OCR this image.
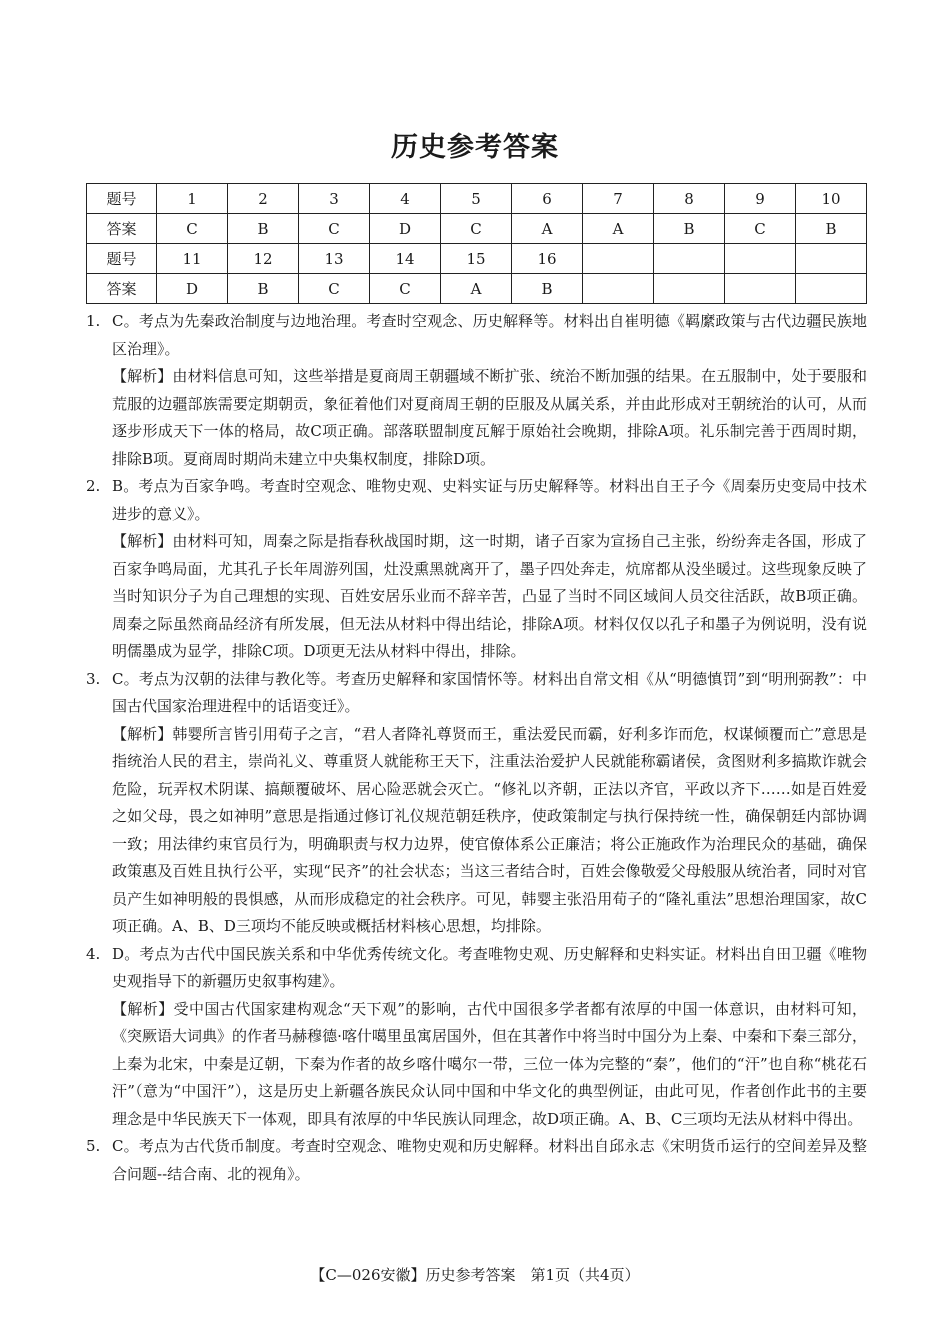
历史参考答案
题号	1	2	3	4	5	6	7	8	9	10
答案	C	B	C	D	C	A	A	B	C	B
题号	11	12	13	14	15	16				
答案	D	B	C	C	A	B				
1. C。考点为先秦政治制度与边地治理。考查时空观念、历史解释等。材料出自崔明德《羁縻政策与古代边疆民族地区治理》。

【解析】由材料信息可知，这些举措是夏商周王朝疆域不断扩张、统治不断加强的结果。在五服制中，处于要服和荒服的边疆部族需要定期朝贡，象征着他们对夏商周王朝的臣服及从属关系，并由此形成对王朝统治的认可，从而逐步形成天下一体的格局，故C项正确。部落联盟制度瓦解于原始社会晚期，排除A项。礼乐制完善于西周时期，排除B项。夏商周时期尚未建立中央集权制度，排除D项。

2. B。考点为百家争鸣。考查时空观念、唯物史观、史料实证与历史解释等。材料出自王子今《周秦历史变局中技术进步的意义》。

【解析】由材料可知，周秦之际是指春秋战国时期，这一时期，诸子百家为宣扬自己主张，纷纷奔走各国，形成了百家争鸣局面，尤其孔子长年周游列国，灶没熏黑就离开了，墨子四处奔走，炕席都从没坐暖过。这些现象反映了当时知识分子为自己理想的实现、百姓安居乐业而不辞辛苦，凸显了当时不同区域间人员交往活跃，故B项正确。周秦之际虽然商品经济有所发展，但无法从材料中得出结论，排除A项。材料仅仅以孔子和墨子为例说明，没有说明儒墨成为显学，排除C项。D项更无法从材料中得出，排除。

3. C。考点为汉朝的法律与教化等。考查历史解释和家国情怀等。材料出自常文相《从“明德慎罚”到“明刑弼教”：中国古代国家治理进程中的话语变迁》。

【解析】韩婴所言皆引用荀子之言，“君人者降礼尊贤而王，重法爱民而霸，好利多诈而危，权谋倾覆而亡”意思是指统治人民的君主，崇尚礼义、尊重贤人就能称王天下，注重法治爱护人民就能称霸诸侯，贪图财利多搞欺诈就会危险，玩弄权术阴谋、搞颠覆破坏、居心险恶就会灭亡。“修礼以齐朝，正法以齐官，平政以齐下……如是百姓爱之如父母，畏之如神明”意思是指通过修订礼仪规范朝廷秩序，使政策制定与执行保持统一性，确保朝廷内部协调一致；用法律约束官员行为，明确职责与权力边界，使官僚体系公正廉洁；将公正施政作为治理民众的基础，确保政策惠及百姓且执行公平，实现“民齐”的社会状态；当这三者结合时，百姓会像敬爱父母般服从统治者，同时对官员产生如神明般的畏惧感，从而形成稳定的社会秩序。可见，韩婴主张沿用荀子的“隆礼重法”思想治理国家，故C项正确。A、B、D三项均不能反映或概括材料核心思想，均排除。

4. D。考点为古代中国民族关系和中华优秀传统文化。考查唯物史观、历史解释和史料实证。材料出自田卫疆《唯物史观指导下的新疆历史叙事构建》。

【解析】受中国古代国家建构观念“天下观”的影响，古代中国很多学者都有浓厚的中国一体意识，由材料可知，《突厥语大词典》的作者马赫穆德·喀什噶里虽寓居国外，但在其著作中将当时中国分为上秦、中秦和下秦三部分，上秦为北宋，中秦是辽朝，下秦为作者的故乡喀什噶尔一带，三位一体为完整的“秦”，他们的“汗”也自称“桃花石汗”（意为“中国汗”），这是历史上新疆各族民众认同中国和中华文化的典型例证，由此可见，作者创作此书的主要理念是中华民族天下一体观，即具有浓厚的中华民族认同理念，故D项正确。A、B、C三项均无法从材料中得出。

5. C。考点为古代货币制度。考查时空观念、唯物史观和历史解释。材料出自邱永志《宋明货币运行的空间差异及整合问题--结合南、北的视角》。

【C—026安徽】历史参考答案　第1页（共4页）
